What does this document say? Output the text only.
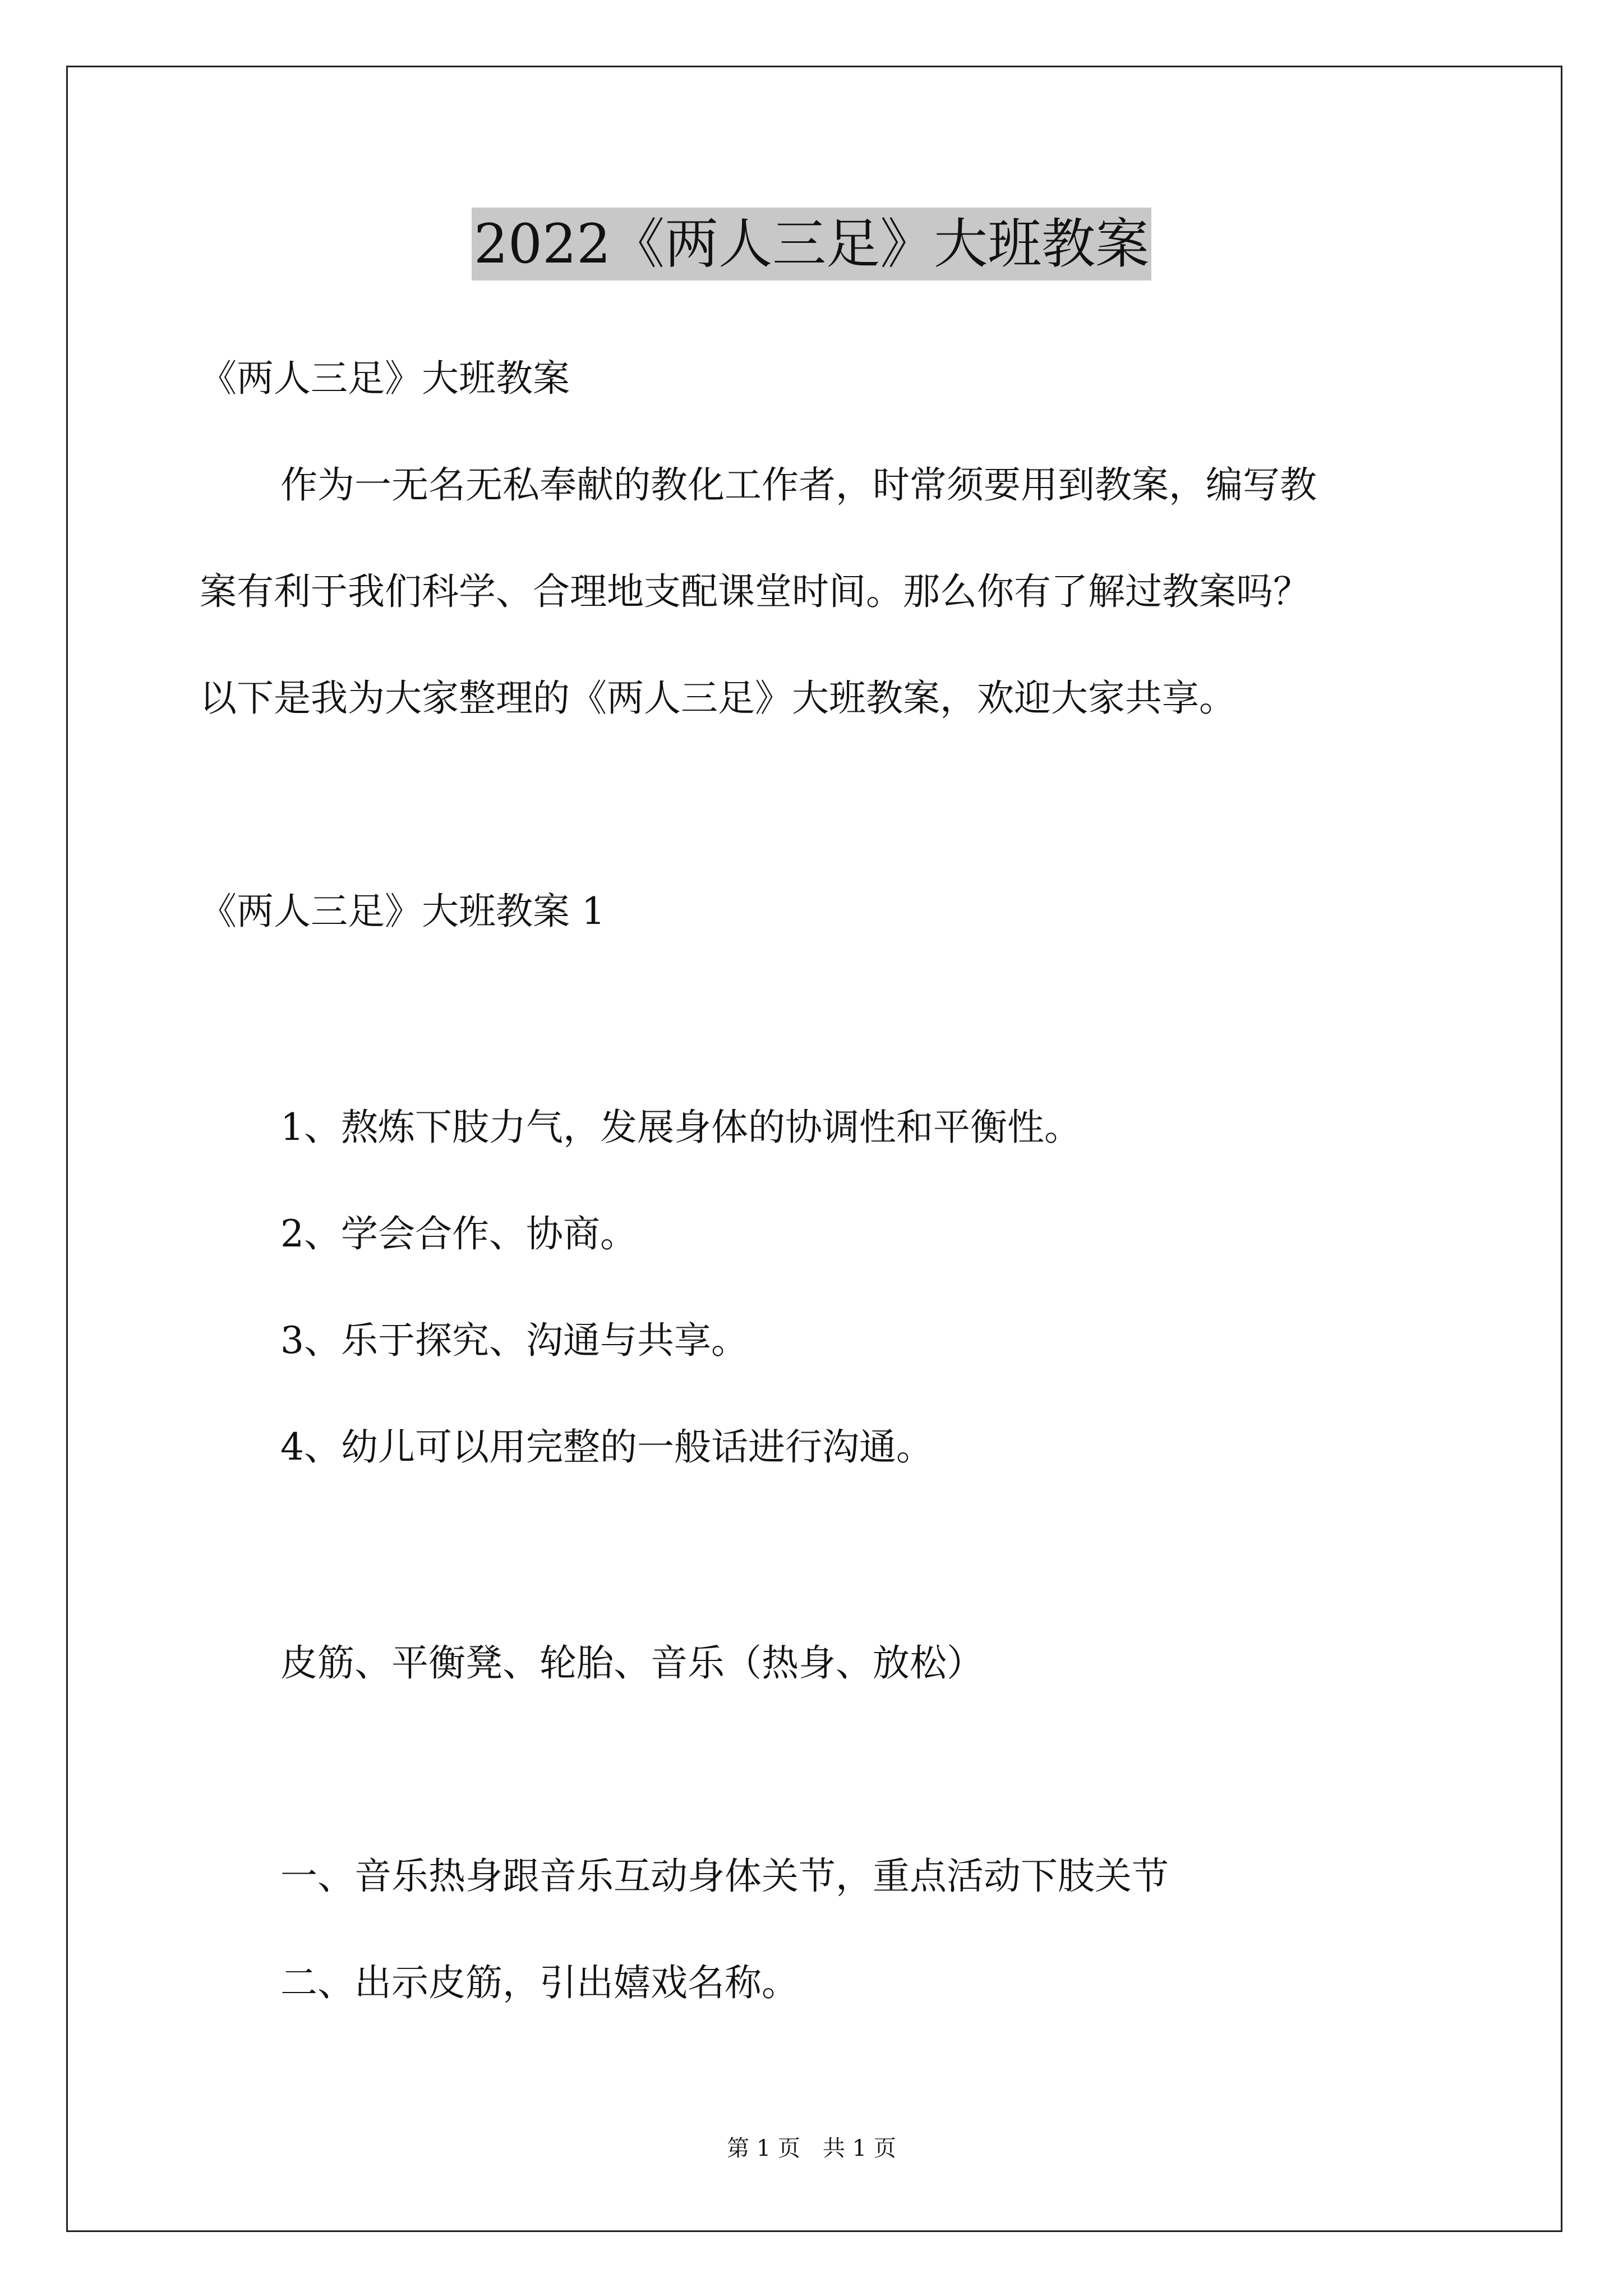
2022《两人三足》大班教案
《两人三足》大班教案
作为一无名无私奉献的教化工作者，时常须要用到教案，编写教
案有利于我们科学、合理地支配课堂时间。那么你有了解过教案吗？
以下是我为大家整理的《两人三足》大班教案，欢迎大家共享。
《两人三足》大班教案 1
1、熬炼下肢力气，发展身体的协调性和平衡性。
2、学会合作、协商。
3、乐于探究、沟通与共享。
4、幼儿可以用完整的一般话进行沟通。
皮筋、平衡凳、轮胎、音乐（热身、放松）
一、音乐热身跟音乐互动身体关节，重点活动下肢关节
二、出示皮筋，引出嬉戏名称。
第 1 页　共 1 页
